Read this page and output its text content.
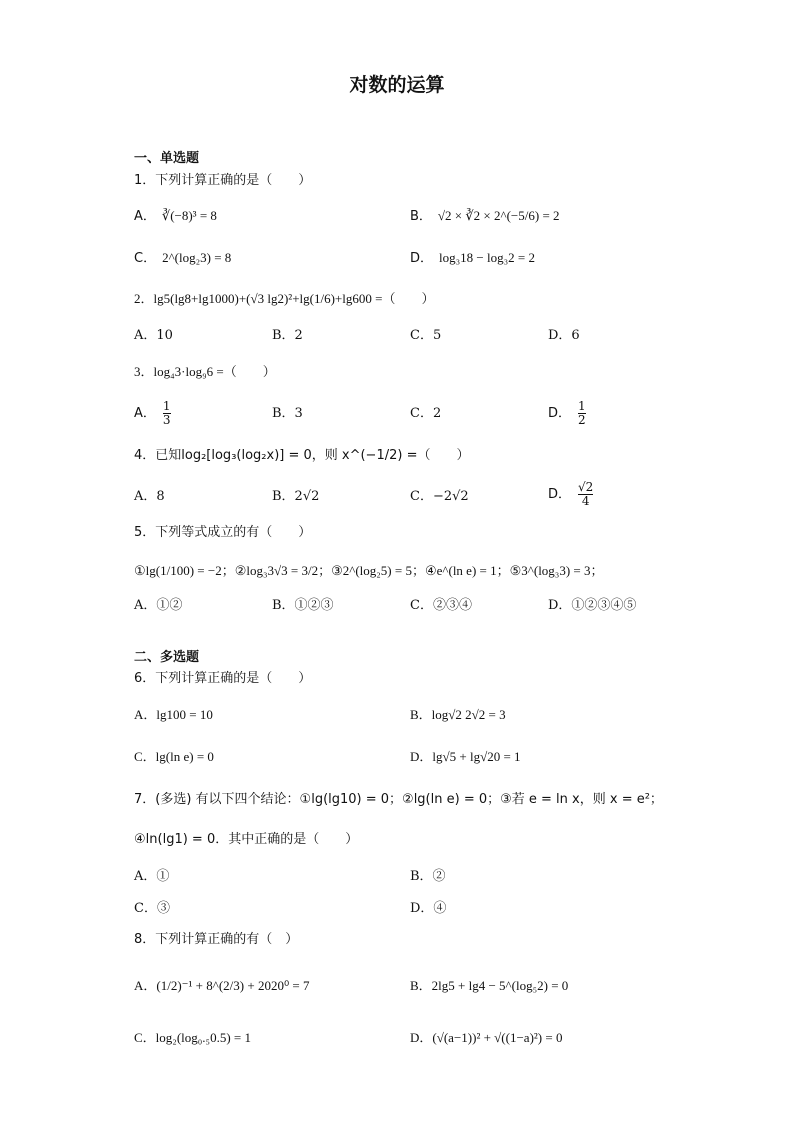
对数的运算
一、单选题
1．下列计算正确的是（　　）
A． ∛(−8)³ = 8	B． √2 × ∛2 × 2^(−5/6) = 2
C． 2^(log₂3) = 8	D． log₃18 − log₃2 = 2
2．lg5(lg8+lg1000)+(√3 lg2)²+lg(1/6)+lg600 =（　　）
A．10	B．2	C．5	D．6
3．log₄3·log₉6 =（　　）
A． $\frac{1}{3}$	B．3	C．2	D． $\frac{1}{2}$
4．已知log₂[log₃(log₂x)] = 0，则 x^(−1/2) =（　　）
A．8	B．2√2	C．−2√2	D． $\frac{√2}{4}$
5．下列等式成立的有（　　）
①lg(1/100) = −2；②log₃3√3 = 3/2；③2^(log₂5) = 5；④e^(ln e) = 1；⑤3^(log₃3) = 3；
A．①②	B．①②③	C．②③④	D．①②③④⑤
二、多选题
6．下列计算正确的是（　　）
A．lg100 = 10	B．log√2 2√2 = 3
C．lg(ln e) = 0	D．lg√5 + lg√20 = 1
7．(多选) 有以下四个结论：①lg(lg10) = 0；②lg(ln e) = 0；③若 e = ln x，则 x = e²；
④ln(lg1) = 0．其中正确的是（　　）
A．①	B．②
C．③	D．④
8．下列计算正确的有（　）
A．(1/2)⁻¹ + 8^(2/3) + 2020⁰ = 7	B．2lg5 + lg4 − 5^(log₅2) = 0
C．log₂(log₀.₅0.5) = 1	D．(√(a−1))² + √((1−a)²) = 0
